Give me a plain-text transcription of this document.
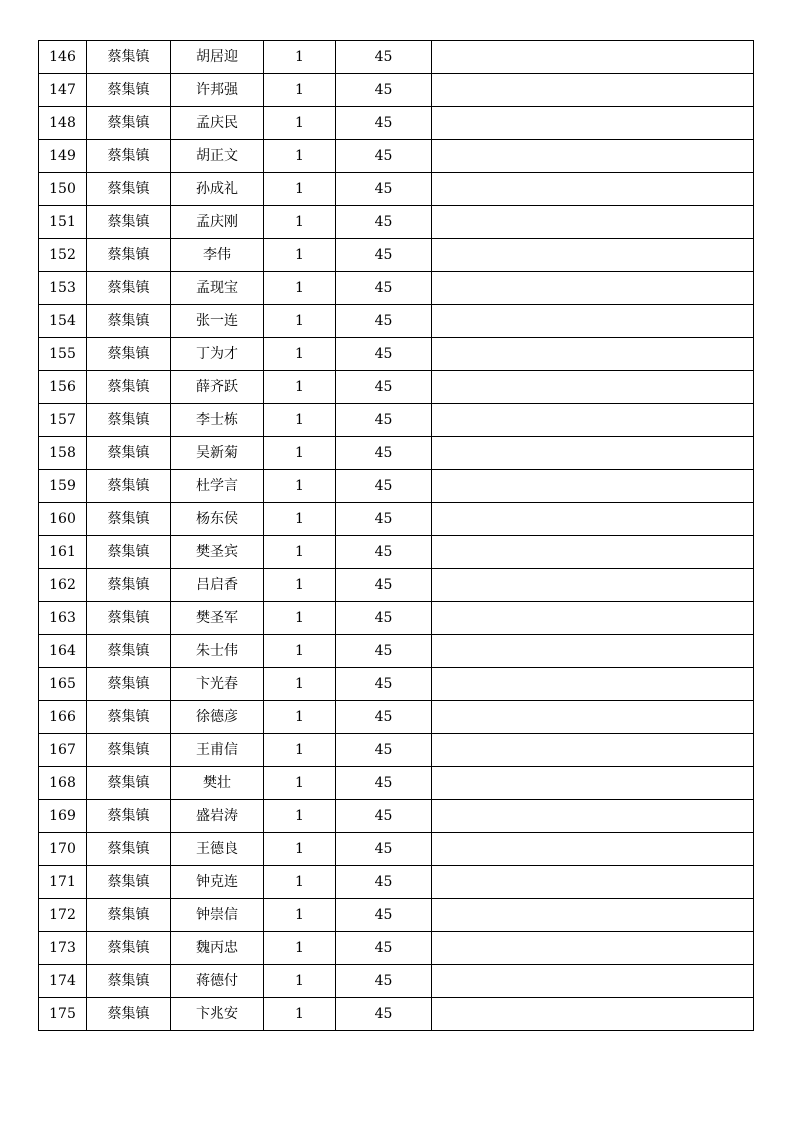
146	蔡集镇	胡居迎	1	45	
147	蔡集镇	许邦强	1	45	
148	蔡集镇	孟庆民	1	45	
149	蔡集镇	胡正文	1	45	
150	蔡集镇	孙成礼	1	45	
151	蔡集镇	孟庆刚	1	45	
152	蔡集镇	李伟	1	45	
153	蔡集镇	孟现宝	1	45	
154	蔡集镇	张一连	1	45	
155	蔡集镇	丁为才	1	45	
156	蔡集镇	薛齐跃	1	45	
157	蔡集镇	李士栋	1	45	
158	蔡集镇	吴新菊	1	45	
159	蔡集镇	杜学言	1	45	
160	蔡集镇	杨东侯	1	45	
161	蔡集镇	樊圣宾	1	45	
162	蔡集镇	吕启香	1	45	
163	蔡集镇	樊圣军	1	45	
164	蔡集镇	朱士伟	1	45	
165	蔡集镇	卞光春	1	45	
166	蔡集镇	徐德彦	1	45	
167	蔡集镇	王甫信	1	45	
168	蔡集镇	樊壮	1	45	
169	蔡集镇	盛岩涛	1	45	
170	蔡集镇	王德良	1	45	
171	蔡集镇	钟克连	1	45	
172	蔡集镇	钟崇信	1	45	
173	蔡集镇	魏丙忠	1	45	
174	蔡集镇	蒋德付	1	45	
175	蔡集镇	卞兆安	1	45	
